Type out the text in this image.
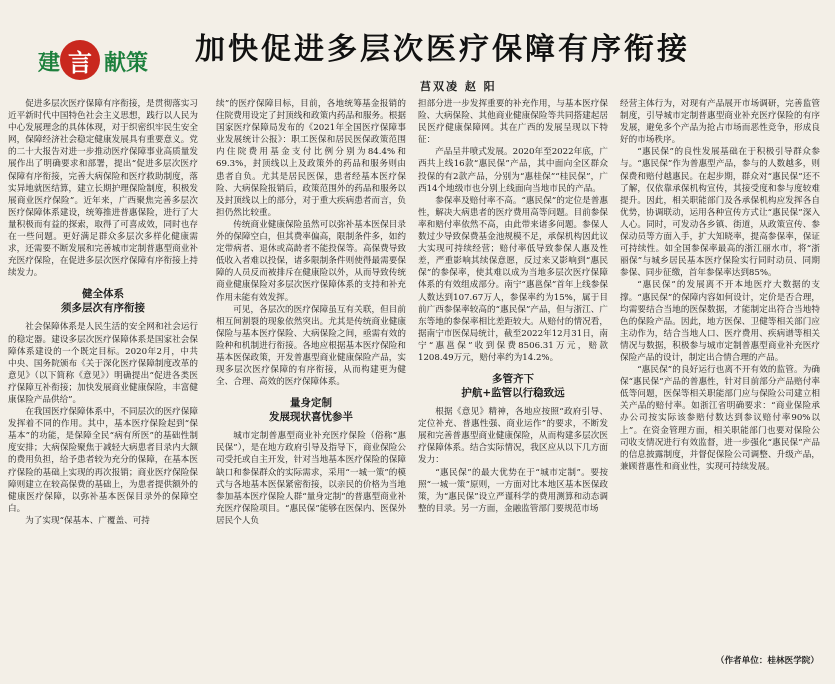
建 言 献策 加快促进多层次医疗保障有序衔接
莒双凌 赵 阳

促进多层次医疗保障有序衔接，是贯彻落实习近平新时代中国特色社会主义思想，践行以人民为中心发展理念的具体体现，对于织密织牢民生安全网，保障经济社会稳定健康发展具有重要意义。党的二十大报告对进一步推动医疗保障事业高质量发展作出了明确要求和部署，提出“促进多层次医疗保障有序衔接，完善大病保险和医疗救助制度，落实异地就医结算，建立长期护理保险制度，积极发展商业医疗保险”。近年来，广西聚焦完善多层次医疗保障体系建设，统筹推进普惠保险，进行了大量积极而有益的探索，取得了可喜成效，同时也存在一些问题。更好满足群众多层次多样化健康需求，还需要不断发展和完善城市定制普惠型商业补充医疗保险，在促进多层次医疗保障有序衔接上持续发力。

健全体系
须多层次有序衔接

社会保障体系是人民生活的安全网和社会运行的稳定器。建设多层次医疗保障体系是国家社会保障体系建设的一个既定目标。2020年2月，中共中央、国务院颁布《关于深化医疗保障制度改革的意见》（以下简称《意见》）明确提出“促进各类医疗保障互补衔接；加快发展商业健康保险，丰富健康保险产品供给”。

在我国医疗保障体系中，不同层次的医疗保障发挥着不同的作用。其中，基本医疗保险起到“保基本”的功能，是保障全民“病有所医”的基础性制度安排；大病保险聚焦于减轻大病患者目录内大额的费用负担，给予患者较为充分的保障，在基本医疗保险的基础上实现的再次报销；商业医疗保险保障则建立在较高保费的基础上，为患者提供额外的健康医疗保障，以弥补基本医保目录外的保障空白。

为了实现“保基本、广覆盖、可持

续”的医疗保障目标，目前，各地统筹基金报销的住院费用设定了封顶线和政策内药品和服务。根据国家医疗保障局发布的《2021年全国医疗保障事业发展统计公报》：职工医保和居民医保政策范围内住院费用基金支付比例分别为84.4%和69.3%，封顶线以上及政策外的药品和服务则由患者自负。尤其是居民医保，患者经基本医疗保险、大病保险报销后，政策范围外的药品和服务以及封顶线以上的部分，对于重大疾病患者而言，负担仍然比较重。

传统商业健康保险虽然可以弥补基本医保目录外的保障空白，但其费率偏高，限制条件多，如约定带病者、退休或高龄者不能投保等。高保费导致低收入者难以投保，诸多限制条件则使得最需要保障的人员反而被排斥在健康险以外，从而导致传统商业健康保险对多层次医疗保障体系的支持和补充作用未能有效发挥。

可见，各层次的医疗保障虽互有关联，但目前相互间割裂的现象依然突出。尤其是传统商业健康保险与基本医疗保险、大病保险之间，亟需有效的险种和机制进行衔接。各地应根据基本医疗保险和基本医保政策，开发普惠型商业健康保险产品，实现多层次医疗保障的有序衔接，从而构建更为健全、合理、高效的医疗保障体系。

量身定制
发展现状喜忧参半

城市定制普惠型商业补充医疗保险（俗称“惠民保”），是在地方政府引导及指导下，商业保险公司受托或自主开发，针对当地基本医疗保险的保障缺口和参保群众的实际需求，采用“一城一策”的模式与各地基本医保紧密衔接，以亲民的价格为当地参加基本医疗保险人群“量身定制”的普惠型商业补充医疗保险项目。“惠民保”能够在医保内、医保外居民个人负

担部分进一步发挥重要的补充作用，与基本医疗保险、大病保险、其他商业健康保险等共同搭建起居民医疗健康保障网。其在广西的发展呈现以下特征：

产品呈井喷式发展。2020年至2022年底，广西共上线16款“惠民保”产品，其中面向全区群众投保的有2款产品，分别为“惠桂保”“桂民保”，广西14个地级市也分别上线面向当地市民的产品。

参保率及赔付率不高。“惠民保”的定位是普惠性，解决大病患者的医疗费用高等问题。目前参保率和赔付率依然不高，由此带来诸多问题。参保人数过少导致保费基金池规模不足，承保机构因此议大实现可持续经营；赔付率低导致参保人惠及性差，严重影响其续保意愿，反过来又影响到“惠民保”的参保率，使其难以成为当地多层次医疗保障体系的有效组成部分。南宁“惠邕保”首年上线参保人数达到107.67万人，参保率约为15%，属于目前广西参保率较高的“惠民保”产品，但与浙江、广东等地的参保率相比差距较大。从赔付的情况看，据南宁市医保局统计，截至2022年12月31日，南宁“惠邕保”收到保费8506.31万元，赔款1208.49万元，赔付率约为14.2%。

多管齐下
护航+监管以行稳致远

根据《意见》精神，各地应按照“政府引导、定位补充、普惠性强、商业运作”的要求，不断发展和完善普惠型商业健康保险，从而构建多层次医疗保障体系。结合实际情况，我区应从以下几方面发力：

“惠民保”的最大优势在于“城市定制”。要按照“一城一策”原则，一方面对比本地区基本医保政策，为“惠民保”设立严谨科学的费用测算和动态调整的目录。另一方面，金融监管部门要规范市场

经营主体行为，对现有产品展开市场调研，完善监管制度，引导城市定制普惠型商业补充医疗保险的有序发展，避免多个产品为抢占市场而恶性竞争，形成良好的市场秩序。

“惠民保”的良性发展基础在于积极引导群众参与。“惠民保”作为普惠型产品，参与的人数越多，则保费和赔付越惠民。在起步期，群众对“惠民保”还不了解，仅依靠承保机构宣传，其接受度和参与度较难提升。因此，相关职能部门及各承保机构应发挥各自优势，协调联动，运用各种宣传方式让“惠民保”深入人心。同时，可发动各乡镇、街道，从政策宣传、参保动员等方面入手，扩大知晓率，提高参保率，保证可持续性。如全国参保率最高的浙江丽水市，将“浙丽保”与城乡居民基本医疗保险实行同时动员、同期参保、同步征缴，首年参保率达到85%。

“惠民保”的发展离不开本地医疗大数据的支撑。“惠民保”的保障内容如何设计，定价是否合理，均需要结合当地的医保数据，才能制定出符合当地特色的保险产品。因此，地方医保、卫健等相关部门应主动作为，结合当地人口、医疗费用、疾病谱等相关情况与数据，积极参与城市定制普惠型商业补充医疗保险产品的设计，制定出合情合理的产品。

“惠民保”的良好运行也离不开有效的监管。为确保“惠民保”产品的普惠性，针对目前部分产品赔付率低等问题，医保等相关职能部门应与保险公司建立相关产品的赔付率。如浙江省明确要求：“商业保险承办公司按实际该参赔付数达到参议赔付率90%以上”。在资金管理方面，相关职能部门也要对保险公司收支情况进行有效监督，进一步强化“惠民保”产品的信息披露制度，并督促保险公司调整、升级产品，兼顾普惠性和商业性，实现可持续发展。

（作者单位：桂林医学院）
